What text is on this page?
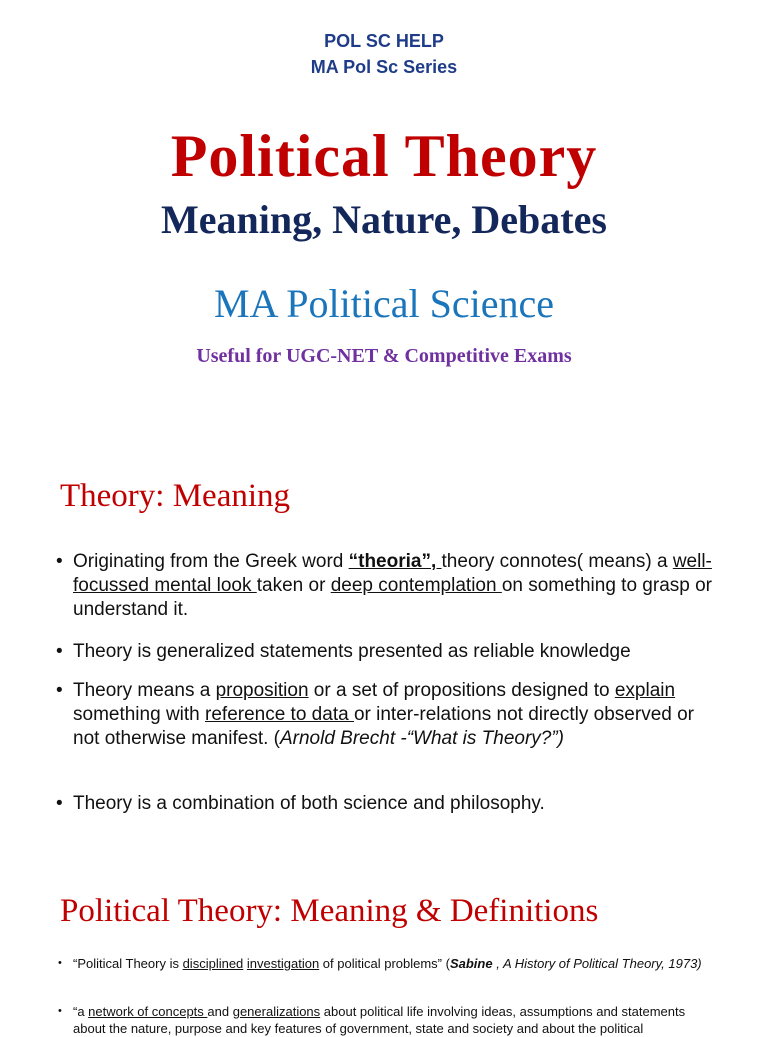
POL SC HELP
MA Pol Sc Series
Political Theory
Meaning, Nature, Debates
MA Political Science
Useful for UGC-NET & Competitive Exams
Theory: Meaning
• Originating from the Greek word “theoria”, theory connotes( means) a well-focussed mental look taken or deep contemplation on something to grasp or understand it.
• Theory is generalized statements presented as reliable knowledge
• Theory means a proposition or a set of propositions designed to explain something with reference to data or inter-relations not directly observed or not otherwise manifest. (Arnold Brecht -“What is Theory?”)
• Theory is a combination of both science and philosophy.
Political Theory: Meaning & Definitions
• “Political Theory is disciplined investigation of political problems” (Sabine , A History of Political Theory, 1973)
• “a network of concepts and generalizations about political life involving ideas, assumptions and statements about the nature, purpose and key features of government, state and society and about the political
